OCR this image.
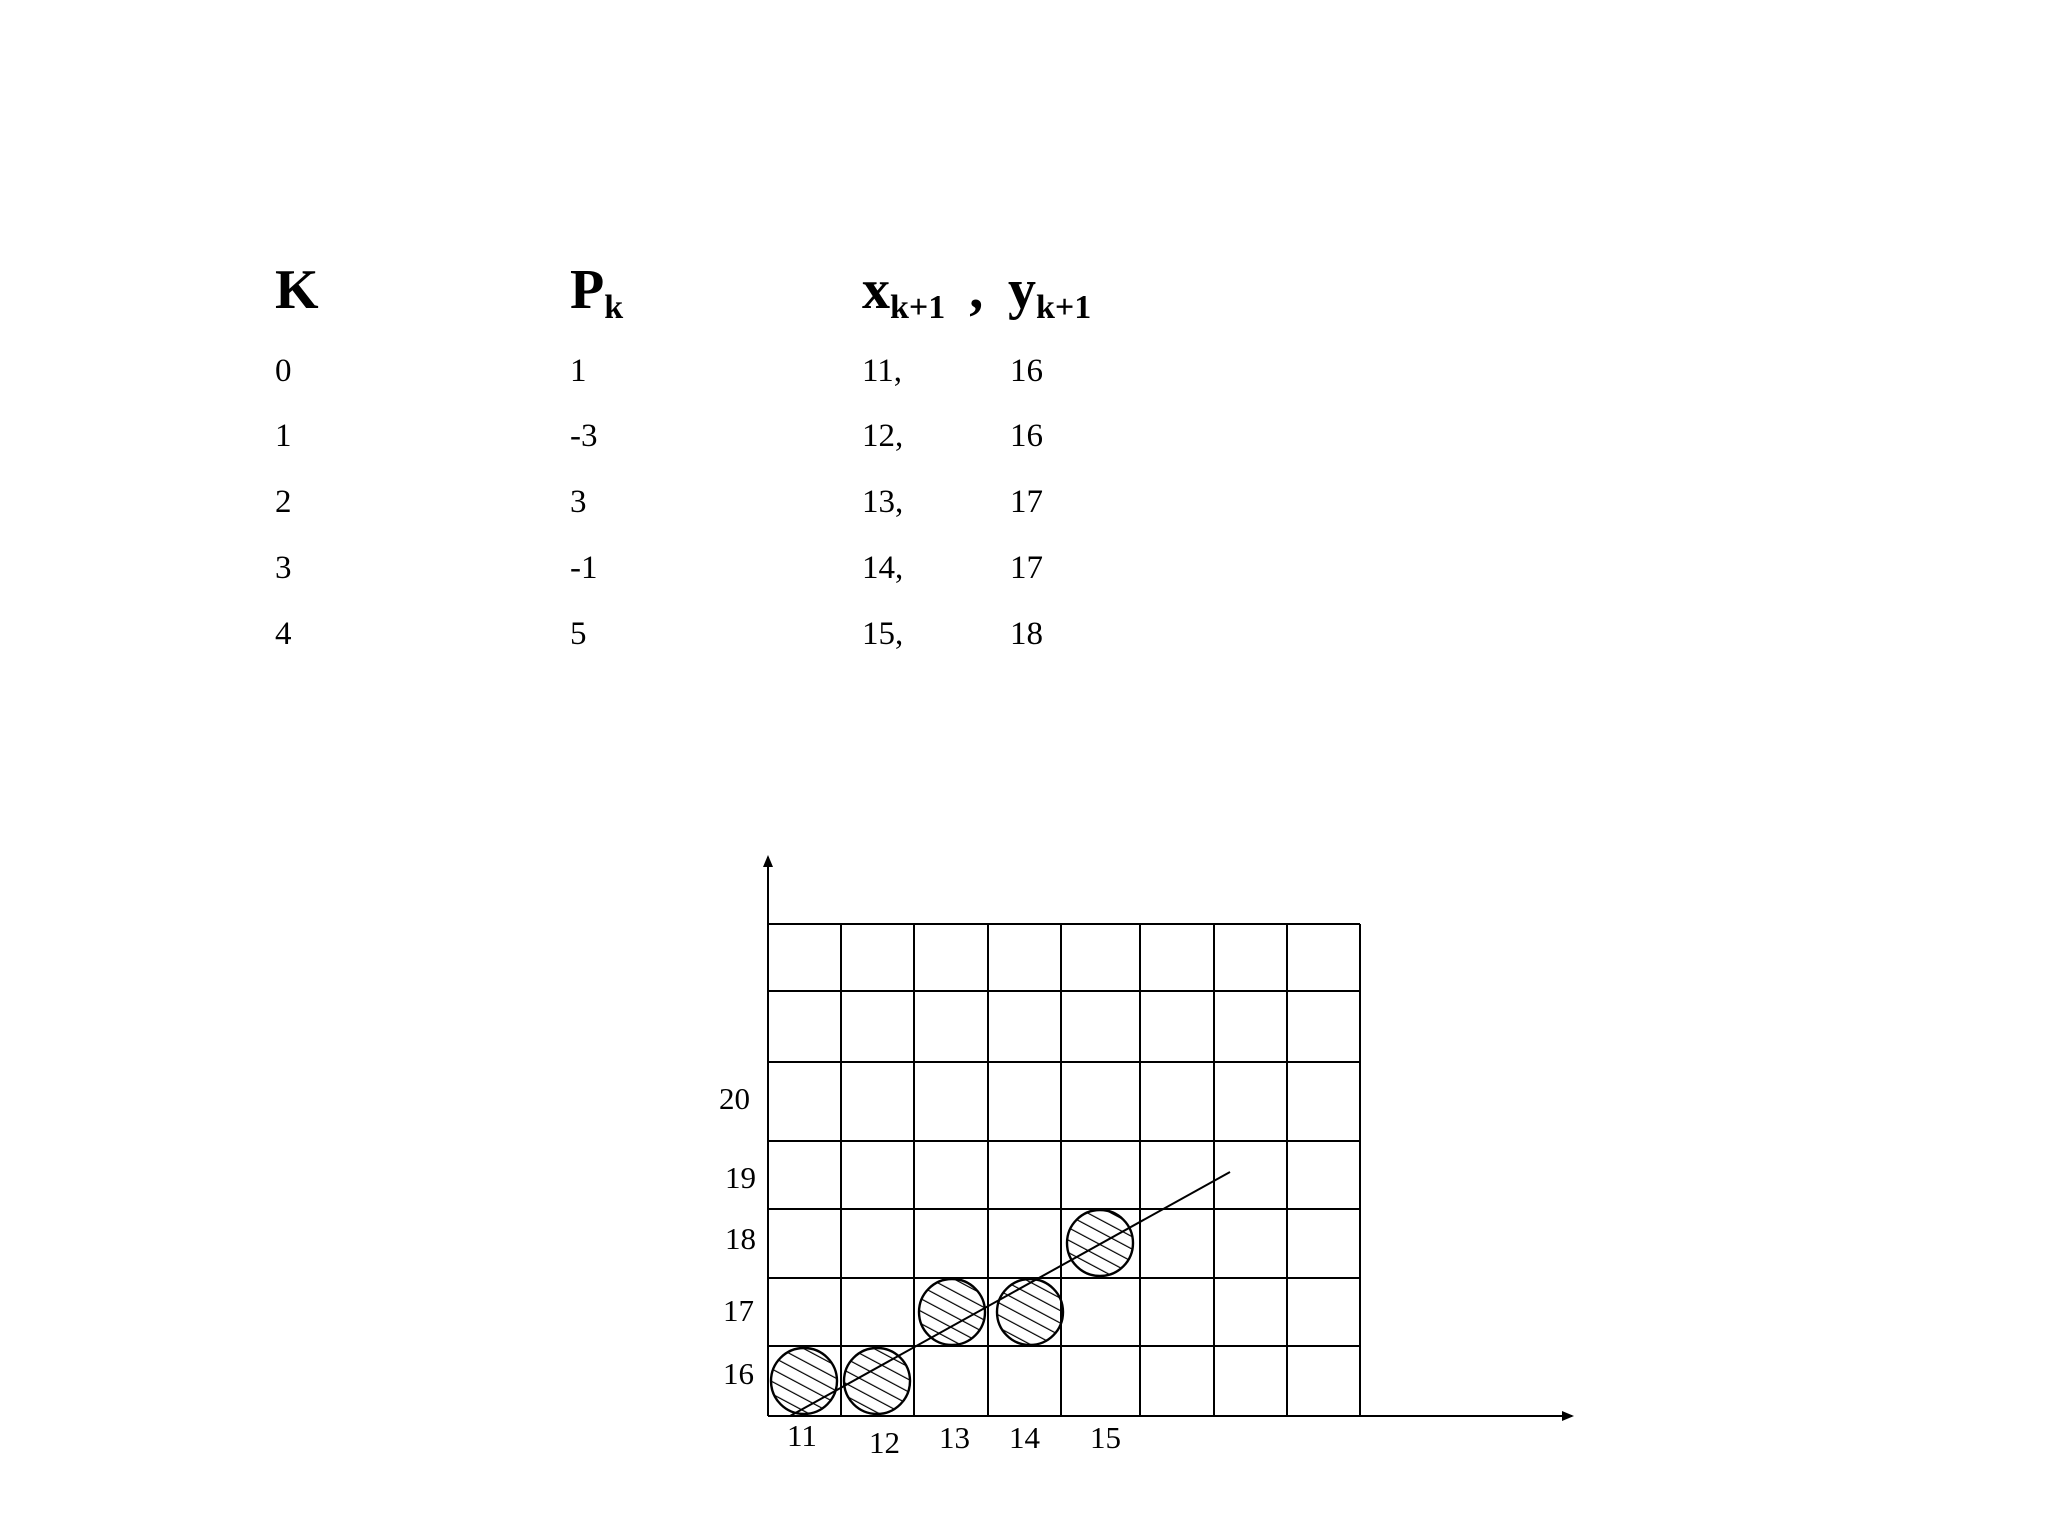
K	$P_k$	$x_{k+1}$ , $y_{k+1}$
0	1	11,	16
1	-3	12,	16
2	3	13,	17
3	-1	14,	17
4	5	15,	18
20
19
18
17
16
11 12 13 14 15
